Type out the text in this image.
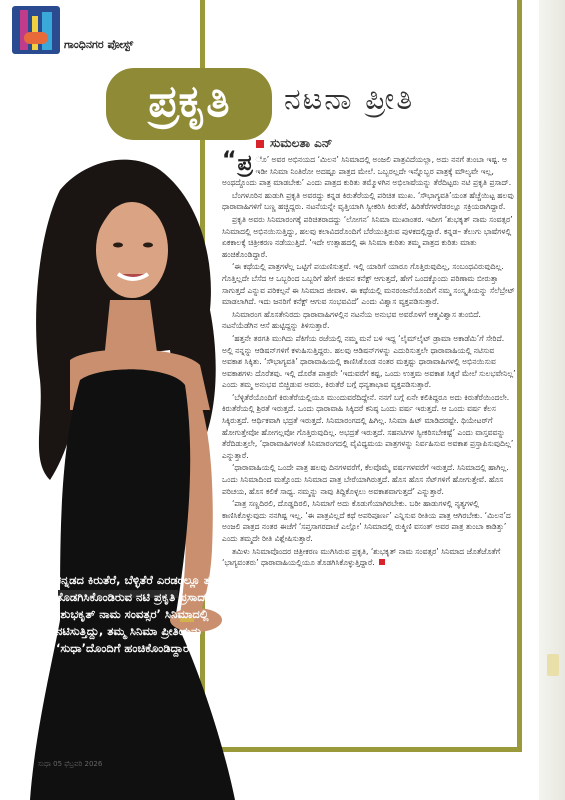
ಗಾಂಧಿನಗರ ಪೋಸ್ಟ್
ಪ್ರಕೃತಿ	ನಟನಾ ಪ್ರೀತಿ
ಸುಮಲತಾ ಎನ್
ಕನ್ನಡದ ಕಿರುತೆರೆ, ಬೆಳ್ಳಿತೆರೆ ಎರಡರಲ್ಲೂ ತಮ್ಮನ್ನು ತೊಡಗಿಸಿಕೊಂಡಿರುವ ನಟಿ ಪ್ರಕೃತಿ ಪ್ರಸಾದ್ ‘ಶುಭಕೃತ್ ನಾಮ ಸಂವತ್ಸರ’ ಸಿನಿಮಾದಲ್ಲಿ ನಟಿಸುತ್ತಿದ್ದು, ತಮ್ಮ ಸಿನಿಮಾ ಪ್ರೀತಿಯನ್ನು ‘ಸುಧಾ’ದೊಂದಿಗೆ ಹಂಚಿಕೊಂಡಿದ್ದಾರೆ.

“ ಪ್ರ ೊ’ ಅವರ ಅಭಿನಯದ ‘ಮಿಲನ’ ಸಿನಿಮಾದಲ್ಲಿ ಅಂಜಲಿ ಪಾತ್ರವಿದೆಯಲ್ಲಾ, ಅದು ನನಗೆ ತುಂಬಾ ಇಷ್ಟ. ಆ ಇಡೀ ಸಿನಿಮಾ ನಿಂತಿರೋ ಅದಷ್ಟೂ ಪಾತ್ರದ ಮೇಲೆ. ಒಬ್ಬರಲ್ಲದೇ ಇನ್ನೊಬ್ಬರ ಪಾತ್ರಕ್ಕೆ ಮೌಲ್ಯವೇ ಇಲ್ಲ, ಅಂಥದ್ದೊಂದು ಪಾತ್ರ ಮಾಡಬೇಕು’ ಎಂದು ಪಾತ್ರದ ಕುರಿತು ತಮ್ಮೊಳಗಿನ ಅಭಿಲಾಷೆಯನ್ನು ತೆರೆದಿಟ್ಟರು ನಟಿ ಪ್ರಕೃತಿ ಪ್ರಸಾದ್.

ಬೆಂಗಳೂರಿನ ಹುಡುಗಿ ಪ್ರಕೃತಿ ಅವರದ್ದು ಕನ್ನಡ ಕಿರುತೆರೆಯಲ್ಲಿ ಪರಿಚಿತ ಮುಖ. ‘ಸೌಭಾಗ್ಯವತಿ’ಯಂತ ಹೆಚ್ಚೆಯಿಟ್ಟ ಹಲವು ಧಾರಾವಾಹಿಗಳಿಗೆ ಬಣ್ಣ ಹಚ್ಚಿದ್ದರು. ನಟನೆಯನ್ನೇ ವೃತ್ತಿಯಾಗಿ ಸ್ವೀಕರಿಸಿ ಕಿರುತೆರೆ, ಹಿರಿತೆರೆಗಳರೆಡರಲ್ಲೂ ಸಕ್ರಿಯರಾಗಿದ್ದಾರೆ.

ಪ್ರಕೃತಿ ಅವರು ಸಿನಿಮಾರಂಗಕ್ಕೆ ಪರಿಚಿತರಾದದ್ದು ‘ಲೋಗನ’ ಸಿನಿಮಾ ಮುಖಾಂತರ. ಇದೀಗ ‘ಶುಭಕೃತ್ ನಾಮ ಸಂವತ್ಸರ’ ಸಿನಿಮಾದಲ್ಲಿ ಅಭಿನಯಿಸುತ್ತಿದ್ದು, ಹಲವು ಕಲಾವಿದರೊಂದಿಗೆ ಬೆರೆಯುತ್ತಿರುವ ಪುಳಕದಲ್ಲಿದ್ದಾರೆ. ಕನ್ನಡ– ತೆಲುಗು ಭಾಷೆಗಳಲ್ಲಿ ಏಕಕಾಲಕ್ಕೆ ಚಿತ್ರೀಕರಣ ನಡೆಯುತ್ತಿದೆ. ‘ಇದೇ ಉತ್ಸಾಹದಲ್ಲಿ ಈ ಸಿನಿಮಾ ಕುರಿತು ತಮ್ಮ ಪಾತ್ರದ ಕುರಿತು ಮಾತು ಹಂಚಿಕೊಂಡಿದ್ದಾರೆ.

‘ಈ ಕಥೆಯಲ್ಲಿ ಪಾತ್ರಗಳೆಲ್ಲ ಒಟ್ಟಿಗೆ ಪಯಣಿಸುತ್ತವೆ. ಇಲ್ಲಿ ಯಾರಿಗೆ ಯಾರೂ ಗೊತ್ತಿರುವುದಿಲ್ಲ, ಸಂಬಂಧವಿರುವುದಿಲ್ಲ. ಗೊತ್ತಿಲ್ಲದೇ ಬೆಸೆದ ಆ ಒಬ್ಬರಿಂದ ಒಬ್ಬರಿಗೆ ಹೇಗೆ ಜೀವನ ಕನೆಕ್ಟ್ ಆಗುತ್ತದೆ, ಹೇಗೆ ಒಂದಕ್ಕೊಂದು ಪರಿಣಾಮ ಬೀರುತ್ತಾ ಸಾಗುತ್ತದೆ ಎನ್ನುವ ಪರಿಕಲ್ಪನೆ ಈ ಸಿನಿಮಾದ ಜೀವಾಳ. ಈ ಕಥೆಯಲ್ಲಿ ಮನರಂಜನೆಯೊಂದಿಗೆ ನಮ್ಮ ಸಂಸ್ಕೃತಿಯನ್ನು ಸೆಲೆಬ್ರೇಟ್ ಮಾಡಲಾಗಿದೆ. ಇದು ಜನರಿಗೆ ಕನೆಕ್ಟ್ ಆಗುವ ಸಂಭವವಿದೆ’ ಎಂದು ವಿಶ್ವಾಸ ವ್ಯಕ್ತಪಡಿಸುತ್ತಾರೆ.

ಸಿನಿಮಾರಂಗ ಹೊಸತೇನಿರದು ಧಾರಾವಾಹಿಗಳಲ್ಲಿನ ನಟನೆಯ ಅನುಭವ ಅವರೊಳಗೆ ಆತ್ಮವಿಶ್ವಾಸ ತುಂಬಿದೆ. ನಟನೆಯೆಡೆಗಿನ ಆಸೆ ಹುಟ್ಟಿದ್ದನ್ನು ತಿಳಿಸುತ್ತಾರೆ.

‘ಹತ್ತನೇ ತರಗತಿ ಮುಗಿದು ಪೆಕಿಗೆಯ ರಜೆಯಲ್ಲಿ ನಮ್ಮ ಮನೆ ಬಳಿ ಇದ್ದ ‘ಲೈಮ್‌ಲೈಟ್ ಡ್ರಾಮಾ ಅಕಾಡೆಮಿ’ಗೆ ಸೇರಿದೆ. ಅಲ್ಲಿ ನನ್ನನ್ನು ಆಡಿಷನ್‌ಗಳಿಗೆ ಕಳುಹಿಸುತ್ತಿದ್ದರು. ಹಲವು ಆಡಿಷನ್‌ಗಳನ್ನು ಎದುರಿಸುತ್ತಲೇ ಧಾರಾವಾಹಿಯಲ್ಲಿ ನಟಿಸುವ ಅವಕಾಶ ಸಿಕ್ಕಿತು. ‘ಸೌಭಾಗ್ಯವತಿ’ ಧಾರಾವಾಹಿಯಲ್ಲಿ ಕಾಣಿಸಿಕೊಂಡ ನಂತರ ಮತ್ತಷ್ಟು ಧಾರಾವಾಹಿಗಳಲ್ಲಿ ಅಭಿನಯಿಸುವ ಅವಕಾಶಗಳು ದೊರೆತವು. ಇಲ್ಲಿ ದೊರೆತ ಪಾತ್ರವೇ ‘ಇದುವರೆಗೆ ಕಷ್ಟ, ಒಂದು ಉತ್ತಮ ಅವಕಾಶ ಸಿಕ್ಕರೆ ಮೇಲೆ ಸುಲಭವೇನಿಲ್ಲ’ ಎಂದು ತಮ್ಮ ಅನುಭವ ಬಿಚ್ಚಿಡುವ ಅವರು, ಕಿರುತೆರೆ ಬಗ್ಗೆ ಧನ್ಯತಾಭಾವ ವ್ಯಕ್ತಪಡಿಸುತ್ತಾರೆ.

‘ಬೆಳ್ಳಿತೆರೆಯೊಂದಿಗೆ ಕಿರುತೆರೆಯಲ್ಲಿಯೂ ಮುಂದುವರೆದಿದ್ದೇನೆ. ನನಗೆ ಬಗ್ಗೆ ಏನೇ ಕಲಿತಿದ್ದರೂ ಅದು ಕಿರುತೆರೆಯಿಂದಲೇ. ಕಿರುತೆರೆಯಲ್ಲಿ ಶ್ರಿರತೆ ಇರುತ್ತದೆ. ಒಂದು ಧಾರಾವಾಹಿ ಸಿಕ್ಕಿದರೆ ಕನಿಷ್ಠ ಒಂದು ವರ್ಷ ಇರುತ್ತದೆ. ಆ ಒಂದು ವರ್ಷ ಕೆಲಸ ಸಿಕ್ಕಿರುತ್ತದೆ. ಆರ್ಥಿಕವಾಗಿ ಭದ್ರತೆ ಇರುತ್ತದೆ. ಸಿನಿಮಾರಂಗದಲ್ಲಿ ಹಿಗಿಲ್ಲ. ಸಿನಿಮಾ ಹಿಟ್ ಮಾಡಿದರಷ್ಟೇ. ಥಿಯೇಟರ್‌ಗೆ ಹೋಗುತ್ತೇವೋ ಹೋಗಲ್ಲವೋ ಗೊತ್ತಿರುವುದಿಲ್ಲ. ಅಭದ್ರತೆ ಇರುತ್ತದೆ. ಸಹನಟಿಗಳ ಸ್ವೀಕರಿಸಬೇಕಷ್ಟೆ’ ಎಂದು ವಾಸ್ತವವನ್ನು ತೆರೆದಿಡುತ್ತಲೇ, ‘ಧಾರಾವಾಹಿಗಳಂತೆ ಸಿನಿಮಾರಂಗದಲ್ಲಿ ವೈವಿಧ್ಯಮಯ ಪಾತ್ರಗಳನ್ನು ನಿರ್ವಹಿಸುವ ಅವಕಾಶ ಪ್ರಸ್ತಾಪಿಸುವುದಿಲ್ಲ’ ಎನ್ನುತ್ತಾರೆ.

‘ಧಾರಾವಾಹಿಯಲ್ಲಿ ಒಂದೇ ಪಾತ್ರ ಹಲವು ದಿನಗಳವರೆಗೆ, ಕೆಲವೊಮ್ಮೆ ವರ್ಷಗಳವರೆಗೆ ಇರುತ್ತದೆ. ಸಿನಿಮಾದಲ್ಲಿ ಹಾಗಿಲ್ಲ. ಒಂದು ಸಿನಿಮಾದಿಂದ ಮತ್ತೊಂದು ಸಿನಿಮಾದ ಪಾತ್ರ ಬೇರೆಯಾಗಿರುತ್ತದೆ. ಹೊಸ ಹೊಸ ಸೆಟ್‌ಗಳಿಗೆ ಹೋಗುತ್ತೇವೆ. ಹೊಸ ಪರಿಚಯ, ಹೊಸ ಕಲಿಕೆ ಸಾಧ್ಯ. ನಮ್ಮನ್ನು ನಾವು ತಿದ್ದಿಕೊಳ್ಳಲು ಅವಕಾಶವಾಗುತ್ತದೆ’ ಎನ್ನುತ್ತಾರೆ.

‘ಪಾತ್ರ ಸಣ್ಣದಿರಲಿ, ದೊಡ್ಡದಿರಲಿ, ಸಿನಿಮಾಗೆ ಅದು ಕೊಡುಗೆಯಾಗಿರಬೇಕು. ಬರೀ ಹಾಡುಗಳಲ್ಲಿ ನೃತ್ಯಗಳಲ್ಲಿ ಕಾಣಿಸಿಕೊಳ್ಳುವುದು ನನಗಿಷ್ಟ ಇಲ್ಲ. ‘ಈ ಪಾತ್ರವಿಲ್ಲದೆ ಕಥೆ ಅಪರಿಪೂರ್ಣ’ ಎನ್ನಿಸುವ ರೀತಿಯ ಪಾತ್ರ ಆಗಿರಬೇಕು. ‘ಮಿಲನ’ದ ಅಂಜಲಿ ಪಾತ್ರದ ನಂತರ ಈಚೆಗೆ ‘ಸಪ್ತಸಾಗರದಾಚೆ ಎಲ್ಲೋ’ ಸಿನಿಮಾದಲ್ಲಿ ರುಕ್ಮಿಣಿ ವಸಂತ್ ಅವರ ಪಾತ್ರ ತುಂಬಾ ಕಾಡಿತ್ತು’ ಎಂದು ತಮ್ಮದೇ ರೀತಿ ವಿಶ್ಲೇಷಿಸುತ್ತಾರೆ.

ತಮಿಳು ಸಿನಿಮಾವೊಂದರ ಚಿತ್ರೀಕರಣ ಮುಗಿಸಿರುವ ಪ್ರಕೃತಿ, ‘ಶುಭಕೃತ್ ನಾಮ ಸಂವತ್ಸರ’ ಸಿನಿಮಾದ ಜೊತೆಜೊತೆಗೆ ‘ಭಾಗ್ಯವಂತರು’ ಧಾರಾವಾಹಿಯಲ್ಲಿಯೂ ತೊಡಗಿಸಿಕೊಳ್ಳುತ್ತಿದ್ದಾರೆ.

ಸುಧಾ 05 ಫೆಬ್ರವರಿ 2026
